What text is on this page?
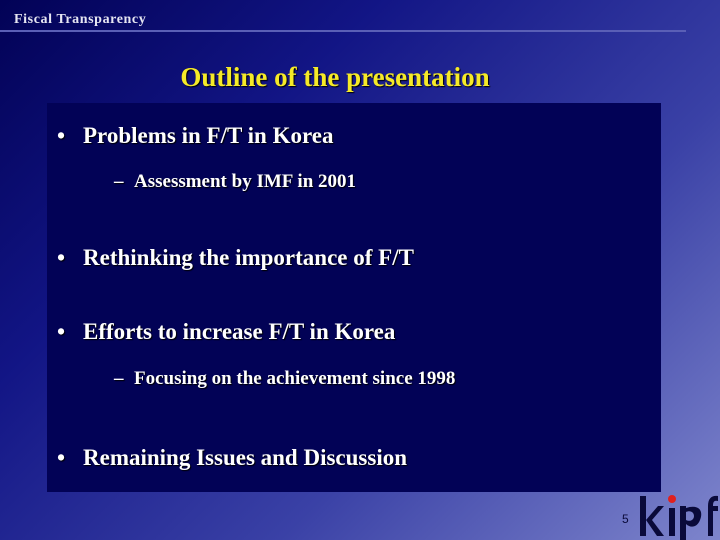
Fiscal Transparency
Outline of the presentation
• Problems in F/T in Korea
– Assessment by IMF in 2001
• Rethinking the importance of F/T
• Efforts to increase F/T in Korea
– Focusing on the achievement since 1998
• Remaining Issues and Discussion
5
